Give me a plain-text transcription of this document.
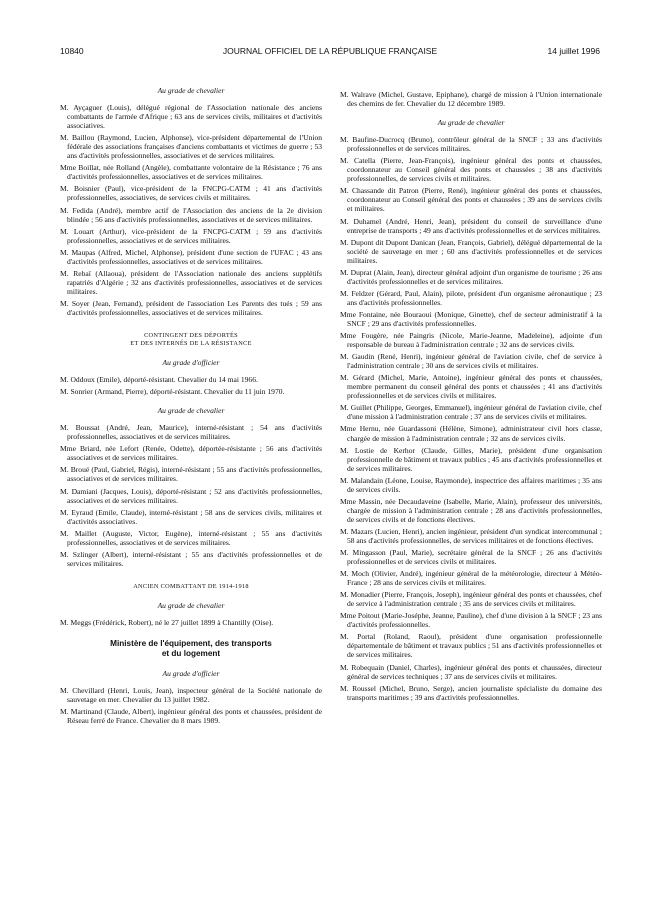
10840	JOURNAL OFFICIEL DE LA RÉPUBLIQUE FRANÇAISE	14 juillet 1996
Au grade de chevalier

M. Ayçaguer (Louis), délégué régional de l'Association nationale des anciens combattants de l'armée d'Afrique ; 63 ans de services civils, militaires et d'activités associatives.

M. Baillou (Raymond, Lucien, Alphonse), vice-président départemental de l'Union fédérale des associations françaises d'anciens combattants et victimes de guerre ; 53 ans d'activités professionnelles, associatives et de services militaires.

Mme Boillat, née Rolland (Angèle), combattante volontaire de la Résistance ; 76 ans d'activités professionnelles, associatives et de services militaires.

M. Boisnier (Paul), vice-président de la FNCPG-CATM ; 41 ans d'activités professionnelles, associatives, de services civils et militaires.

M. Fedida (André), membre actif de l'Association des anciens de la 2e division blindée ; 56 ans d'activités professionnelles, associatives et de services militaires.

M. Louart (Arthur), vice-président de la FNCPG-CATM ; 59 ans d'activités professionnelles, associatives et de services militaires.

M. Maupas (Alfred, Michel, Alphonse), président d'une section de l'UFAC ; 43 ans d'activités professionnelles, associatives et de services militaires.

M. Rebaï (Allaoua), président de l'Association nationale des anciens supplétifs rapatriés d'Algérie ; 32 ans d'activités professionnelles, associatives et de services militaires.

M. Soyer (Jean, Fernand), président de l'association Les Parents des tués ; 59 ans d'activités professionnelles, associatives et de services militaires.

CONTINGENT DES DÉPORTÉS
ET DES INTERNÉS DE LA RÉSISTANCE
Au grade d'officier

M. Oddoux (Emile), déporté-résistant. Chevalier du 14 mai 1966.

M. Sonrier (Armand, Pierre), déporté-résistant. Chevalier du 11 juin 1970.

Au grade de chevalier

M. Boussat (André, Jean, Maurice), interné-résistant ; 54 ans d'activités professionnelles, associatives et de services militaires.

Mme Briard, née Lefort (Renée, Odette), déportée-résistante ; 56 ans d'activités associatives et de services militaires.

M. Broué (Paul, Gabriel, Régis), interné-résistant ; 55 ans d'activités professionnelles, associatives et de services militaires.

M. Damiani (Jacques, Louis), déporté-résistant ; 52 ans d'activités professionnelles, associatives et de services militaires.

M. Eyraud (Emile, Claude), interné-résistant ; 58 ans de services civils, militaires et d'activités associatives.

M. Maillet (Auguste, Victor, Eugène), interné-résistant ; 55 ans d'activités professionnelles, associatives et de services militaires.

M. Szlinger (Albert), interné-résistant ; 55 ans d'activités professionnelles et de services militaires.

ANCIEN COMBATTANT DE 1914-1918
Au grade de chevalier

M. Meggs (Frédérick, Robert), né le 27 juillet 1899 à Chantilly (Oise).

Ministère de l'équipement, des transports
et du logement
Au grade d'officier

M. Chevillard (Henri, Louis, Jean), inspecteur général de la Société nationale de sauvetage en mer. Chevalier du 13 juillet 1982.

M. Martinand (Claude, Albert), ingénieur général des ponts et chaussées, président de Réseau ferré de France. Chevalier du 8 mars 1989.

M. Walrave (Michel, Gustave, Epiphane), chargé de mission à l'Union internationale des chemins de fer. Chevalier du 12 décembre 1989.

Au grade de chevalier

M. Baufine-Ducrocq (Bruno), contrôleur général de la SNCF ; 33 ans d'activités professionnelles et de services militaires.

M. Catella (Pierre, Jean-François), ingénieur général des ponts et chaussées, coordonnateur au Conseil général des ponts et chaussées ; 38 ans d'activités professionnelles, de services civils et militaires.

M. Chassande dit Patron (Pierre, René), ingénieur général des ponts et chaussées, coordonnateur au Conseil général des ponts et chaussées ; 39 ans de services civils et militaires.

M. Duhamel (André, Henri, Jean), président du conseil de surveillance d'une entreprise de transports ; 49 ans d'activités professionnelles et de services militaires.

M. Dupont dit Dupont Danican (Jean, François, Gabriel), délégué départemental de la société de sauvetage en mer ; 60 ans d'activités professionnelles et de services militaires.

M. Duprat (Alain, Jean), directeur général adjoint d'un organisme de tourisme ; 26 ans d'activités professionnelles et de services militaires.

M. Feldzer (Gérard, Paul, Alain), pilote, président d'un organisme aéronautique ; 23 ans d'activités professionnelles.

Mme Fontaine, née Bouraoui (Monique, Ginette), chef de secteur administratif à la SNCF ; 29 ans d'activités professionnelles.

Mme Fougère, née Paingris (Nicole, Marie-Jeanne, Madeleine), adjointe d'un responsable de bureau à l'administration centrale ; 32 ans de services civils.

M. Gaudin (René, Henri), ingénieur général de l'aviation civile, chef de service à l'administration centrale ; 30 ans de services civils et militaires.

M. Gérard (Michel, Marie, Antoine), ingénieur général des ponts et chaussées, membre permanent du conseil général des ponts et chaussées ; 41 ans d'activités professionnelles et de services civils et militaires.

M. Guillet (Philippe, Georges, Emmanuel), ingénieur général de l'aviation civile, chef d'une mission à l'administration centrale ; 37 ans de services civils et militaires.

Mme Hernu, née Guardassoni (Hélène, Simone), administrateur civil hors classe, chargée de mission à l'administration centrale ; 32 ans de services civils.

M. Lostie de Kerhor (Claude, Gilles, Marie), président d'une organisation professionnelle de bâtiment et travaux publics ; 45 ans d'activités professionnelles et de services militaires.

M. Malandain (Léone, Louise, Raymonde), inspectrice des affaires maritimes ; 35 ans de services civils.

Mme Massin, née Decaudaveine (Isabelle, Marie, Alain), professeur des universités, chargée de mission à l'administration centrale ; 28 ans d'activités professionnelles, de services civils et de fonctions électives.

M. Mazars (Lucien, Henri), ancien ingénieur, président d'un syndicat intercommunal ; 58 ans d'activités professionnelles, de services militaires et de fonctions électives.

M. Mingasson (Paul, Marie), secrétaire général de la SNCF ; 26 ans d'activités professionnelles et de services civils et militaires.

M. Moch (Olivier, André), ingénieur général de la météorologie, directeur à Météo-France ; 28 ans de services civils et militaires.

M. Monadier (Pierre, François, Joseph), ingénieur général des ponts et chaussées, chef de service à l'administration centrale ; 35 ans de services civils et militaires.

Mme Poitout (Marie-Joséphe, Jeanne, Pauline), chef d'une division à la SNCF ; 23 ans d'activités professionnelles.

M. Portal (Roland, Raoul), président d'une organisation professionnelle départementale de bâtiment et travaux publics ; 51 ans d'activités professionnelles et de services militaires.

M. Robequain (Daniel, Charles), ingénieur général des ponts et chaussées, directeur général de services techniques ; 37 ans de services civils et militaires.

M. Roussel (Michel, Bruno, Serge), ancien journaliste spécialiste du domaine des transports maritimes ; 39 ans d'activités professionnelles.
